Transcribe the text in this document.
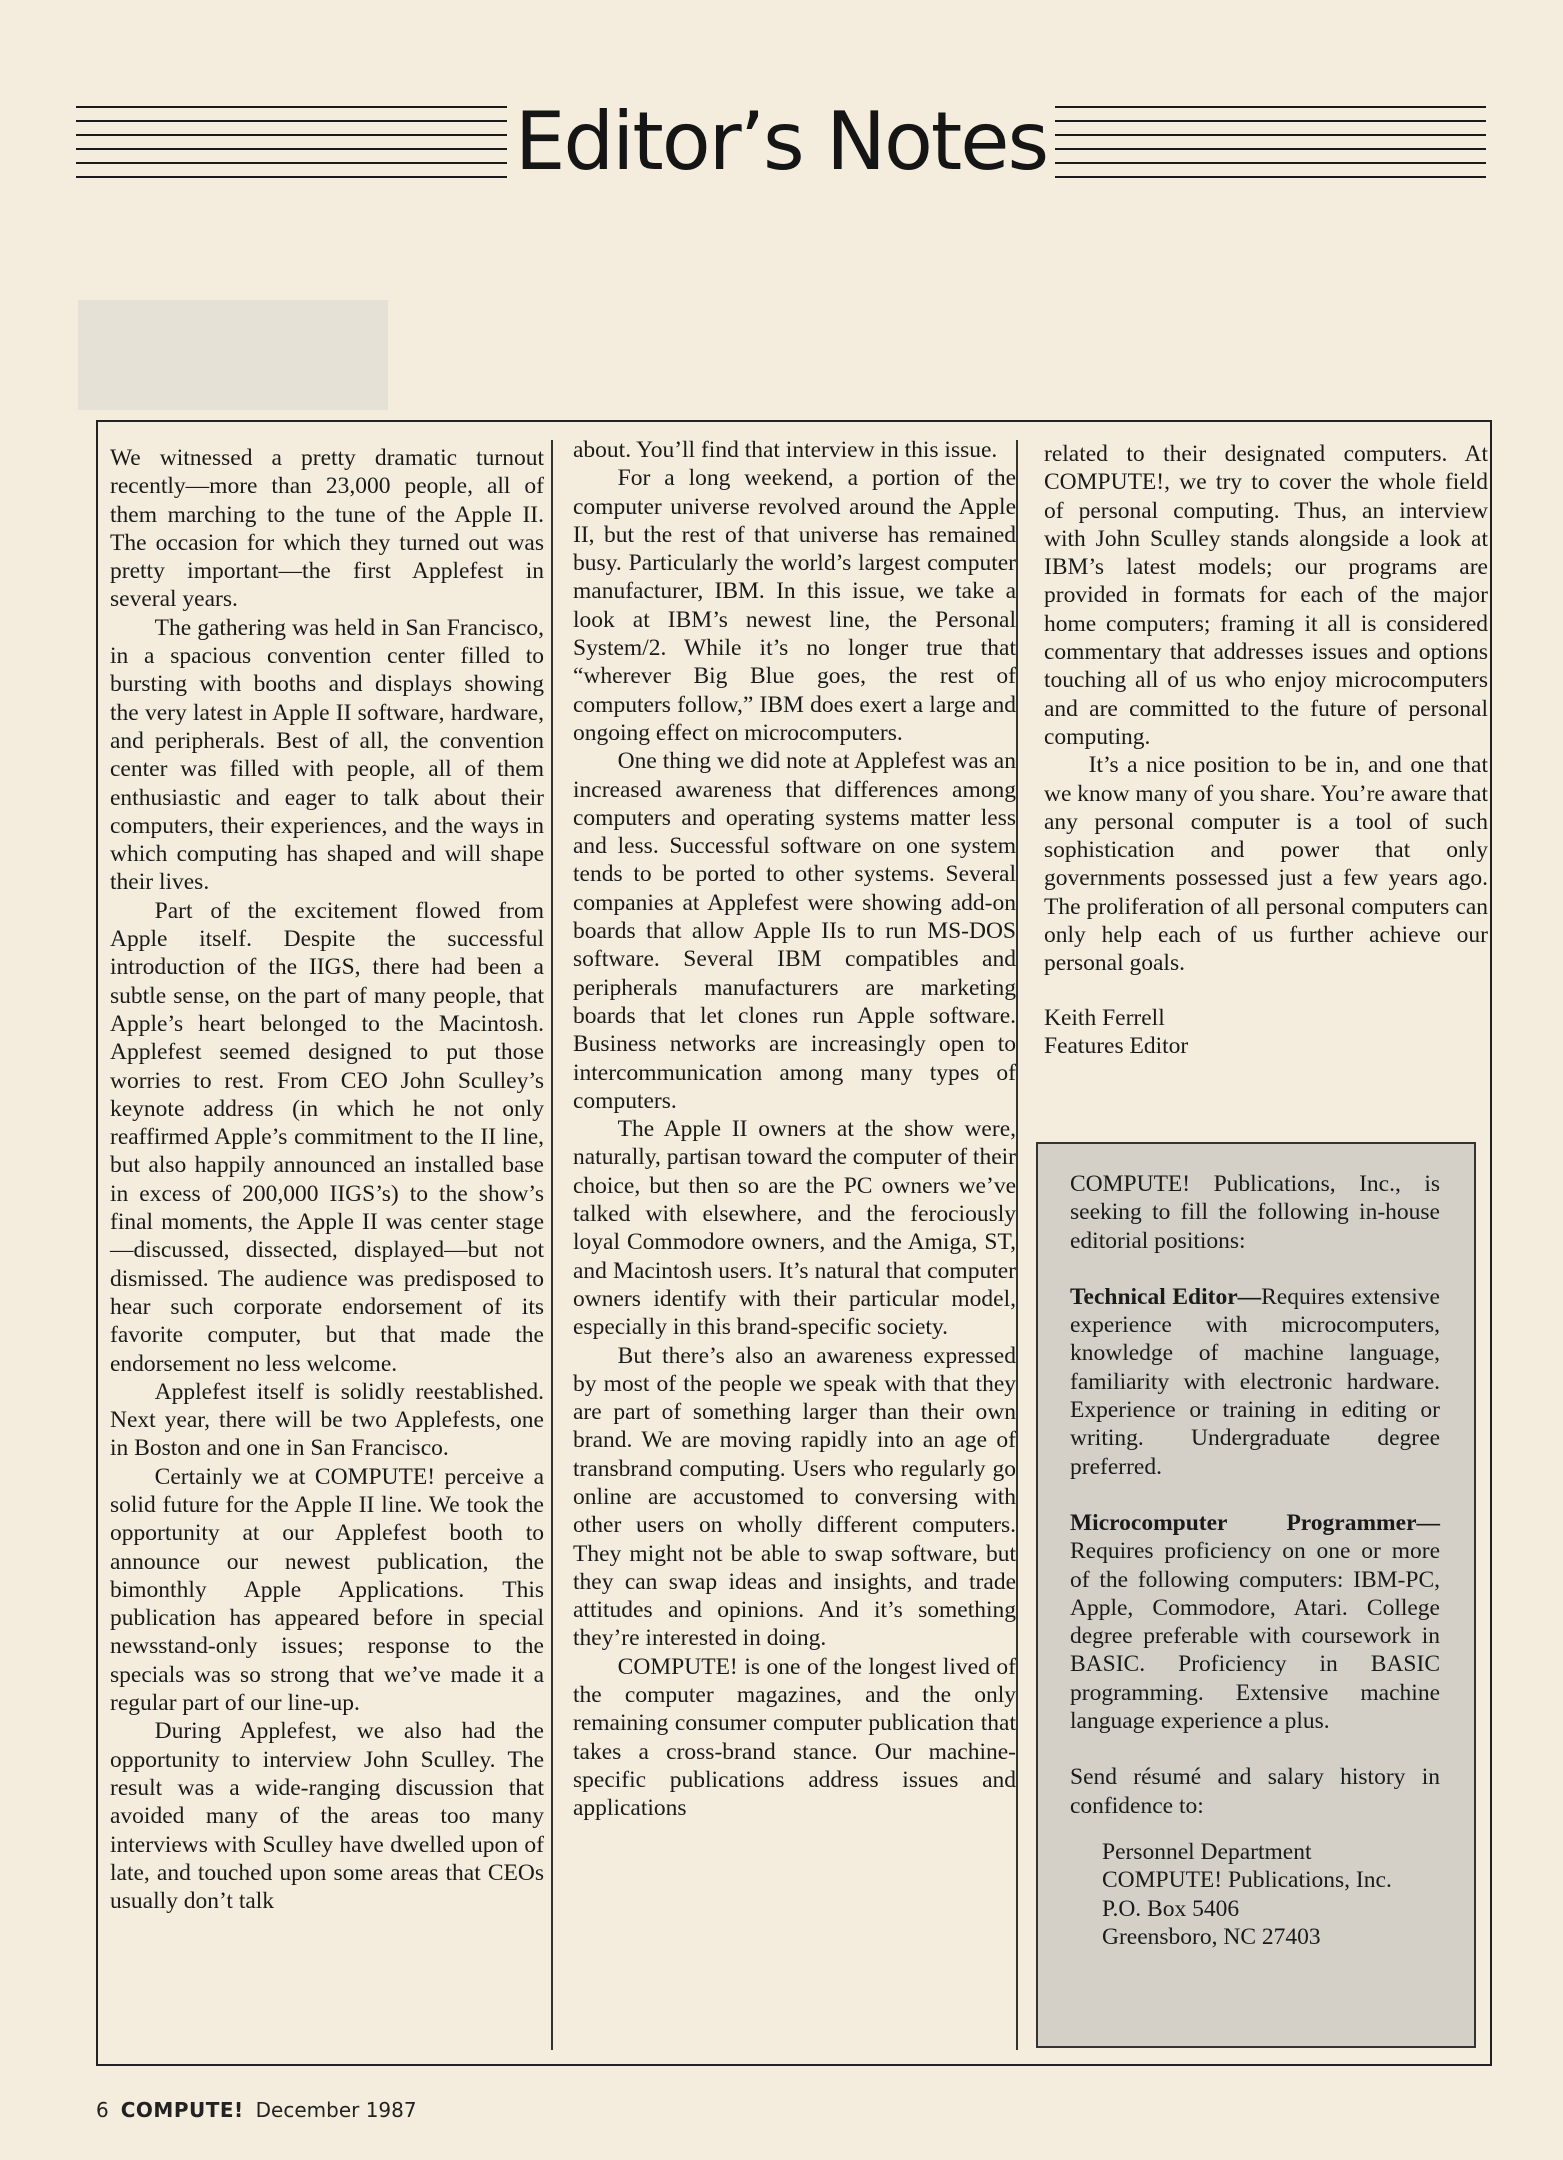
Editor’s Notes

We witnessed a pretty dramatic turnout recently—more than 23,000 people, all of them marching to the tune of the Apple II. The occasion for which they turned out was pretty important—the first Applefest in several years.

The gathering was held in San Francisco, in a spacious convention center filled to bursting with booths and displays showing the very latest in Apple II software, hardware, and peripherals. Best of all, the convention center was filled with people, all of them enthusiastic and eager to talk about their computers, their experiences, and the ways in which computing has shaped and will shape their lives.

Part of the excitement flowed from Apple itself. Despite the successful introduction of the IIGS, there had been a subtle sense, on the part of many people, that Apple’s heart belonged to the Macintosh. Applefest seemed designed to put those worries to rest. From CEO John Sculley’s keynote address (in which he not only reaffirmed Apple’s commitment to the II line, but also happily announced an installed base in excess of 200,000 IIGS’s) to the show’s final moments, the Apple II was center stage—discussed, dissected, displayed—but not dismissed. The audience was predisposed to hear such corporate endorsement of its favorite computer, but that made the endorsement no less welcome.

Applefest itself is solidly reestablished. Next year, there will be two Applefests, one in Boston and one in San Francisco.

Certainly we at COMPUTE! perceive a solid future for the Apple II line. We took the opportunity at our Applefest booth to announce our newest publication, the bimonthly Apple Applications. This publication has appeared before in special newsstand-only issues; response to the specials was so strong that we’ve made it a regular part of our line-up.

During Applefest, we also had the opportunity to interview John Sculley. The result was a wide-ranging discussion that avoided many of the areas too many interviews with Sculley have dwelled upon of late, and touched upon some areas that CEOs usually don’t talk

about. You’ll find that interview in this issue.

For a long weekend, a portion of the computer universe revolved around the Apple II, but the rest of that universe has remained busy. Particularly the world’s largest computer manufacturer, IBM. In this issue, we take a look at IBM’s newest line, the Personal System/2. While it’s no longer true that “wherever Big Blue goes, the rest of computers follow,” IBM does exert a large and ongoing effect on microcomputers.

One thing we did note at Applefest was an increased awareness that differences among computers and operating systems matter less and less. Successful software on one system tends to be ported to other systems. Several companies at Applefest were showing add-on boards that allow Apple IIs to run MS-DOS software. Several IBM compatibles and peripherals manufacturers are marketing boards that let clones run Apple software. Business networks are increasingly open to intercommunication among many types of computers.

The Apple II owners at the show were, naturally, partisan toward the computer of their choice, but then so are the PC owners we’ve talked with elsewhere, and the ferociously loyal Commodore owners, and the Amiga, ST, and Macintosh users. It’s natural that computer owners identify with their particular model, especially in this brand-specific society.

But there’s also an awareness expressed by most of the people we speak with that they are part of something larger than their own brand. We are moving rapidly into an age of transbrand computing. Users who regularly go online are accustomed to conversing with other users on wholly different computers. They might not be able to swap software, but they can swap ideas and insights, and trade attitudes and opinions. And it’s something they’re interested in doing.

COMPUTE! is one of the longest lived of the computer magazines, and the only remaining consumer computer publication that takes a cross-brand stance. Our machine-specific publications address issues and applications

related to their designated computers. At COMPUTE!, we try to cover the whole field of personal computing. Thus, an interview with John Sculley stands alongside a look at IBM’s latest models; our programs are provided in formats for each of the major home computers; framing it all is considered commentary that addresses issues and options touching all of us who enjoy microcomputers and are committed to the future of personal computing.

It’s a nice position to be in, and one that we know many of you share. You’re aware that any personal computer is a tool of such sophistication and power that only governments possessed just a few years ago. The proliferation of all personal computers can only help each of us further achieve our personal goals.

Keith Ferrell
Features Editor

COMPUTE! Publications, Inc., is seeking to fill the following in-house editorial positions:

Technical Editor—Requires extensive experience with microcomputers, knowledge of machine language, familiarity with electronic hardware. Experience or training in editing or writing. Undergraduate degree preferred.

Microcomputer Programmer—Requires proficiency on one or more of the following computers: IBM-PC, Apple, Commodore, Atari. College degree preferable with coursework in BASIC. Proficiency in BASIC programming. Extensive machine language experience a plus.

Send résumé and salary history in confidence to:

Personnel Department
COMPUTE! Publications, Inc.
P.O. Box 5406
Greensboro, NC 27403
6 COMPUTE! December 1987
